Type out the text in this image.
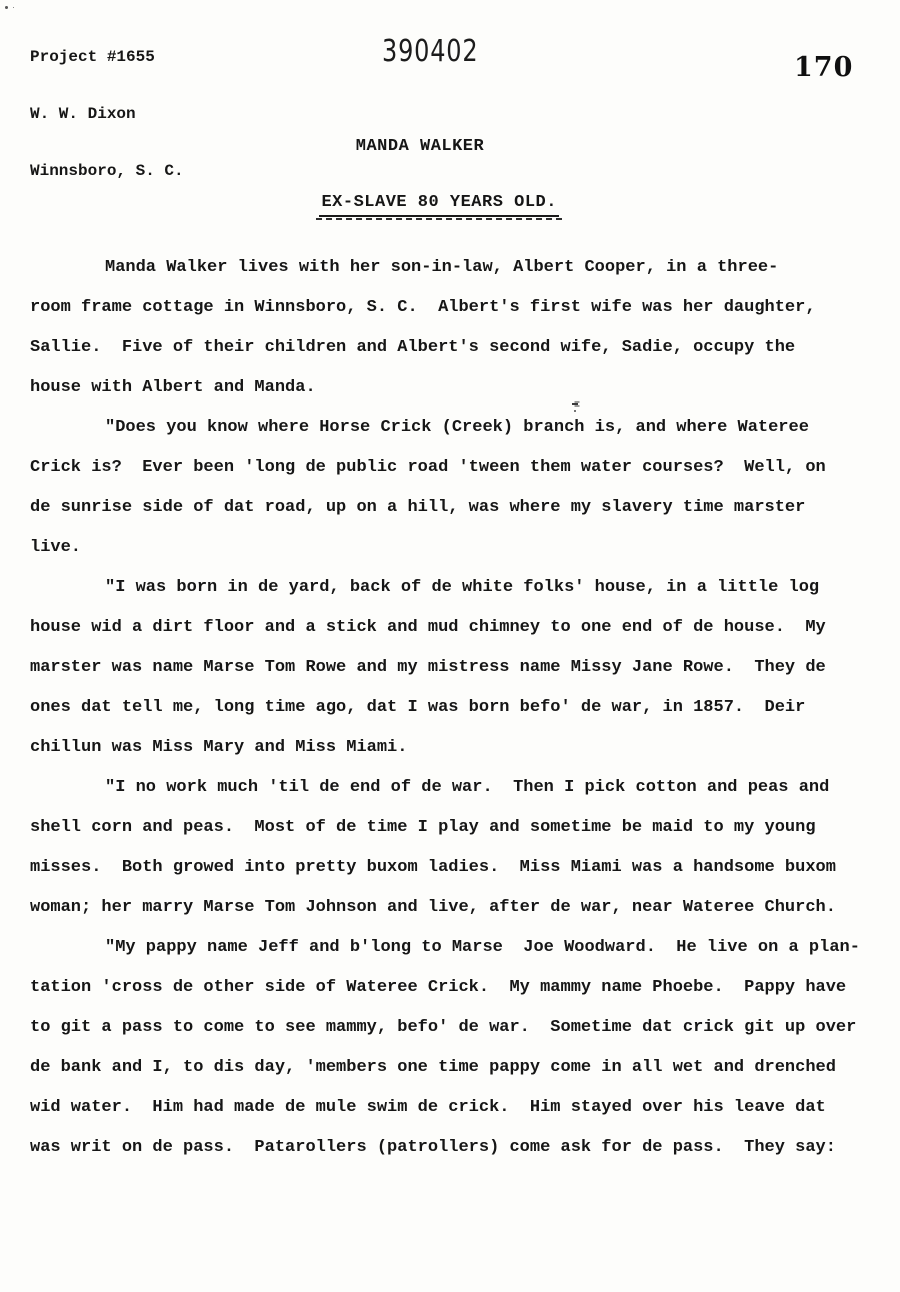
Project #1655

W. W. Dixon

Winnsboro, S. C.

390402	170
MANDA WALKER

EX-SLAVE 80 YEARS OLD.

Manda Walker lives with her son-in-law, Albert Cooper, in a three-
room frame cottage in Winnsboro, S. C.  Albert's first wife was her daughter,
Sallie.  Five of their children and Albert's second wife, Sadie, occupy the
house with Albert and Manda.
"Does you know where Horse Crick (Creek) branch is, and where Wateree
Crick is?  Ever been 'long de public road 'tween them water courses?  Well, on
de sunrise side of dat road, up on a hill, was where my slavery time marster
live.
"I was born in de yard, back of de white folks' house, in a little log
house wid a dirt floor and a stick and mud chimney to one end of de house.  My
marster was name Marse Tom Rowe and my mistress name Missy Jane Rowe.  They de
ones dat tell me, long time ago, dat I was born befo' de war, in 1857.  Deir
chillun was Miss Mary and Miss Miami.
"I no work much 'til de end of de war.  Then I pick cotton and peas and
shell corn and peas.  Most of de time I play and sometime be maid to my young
misses.  Both growed into pretty buxom ladies.  Miss Miami was a handsome buxom
woman; her marry Marse Tom Johnson and live, after de war, near Wateree Church.
"My pappy name Jeff and b'long to Marse  Joe Woodward.  He live on a plan-
tation 'cross de other side of Wateree Crick.  My mammy name Phoebe.  Pappy have
to git a pass to come to see mammy, befo' de war.  Sometime dat crick git up over
de bank and I, to dis day, 'members one time pappy come in all wet and drenched
wid water.  Him had made de mule swim de crick.  Him stayed over his leave dat
was writ on de pass.  Patarollers (patrollers) come ask for de pass.  They say:
